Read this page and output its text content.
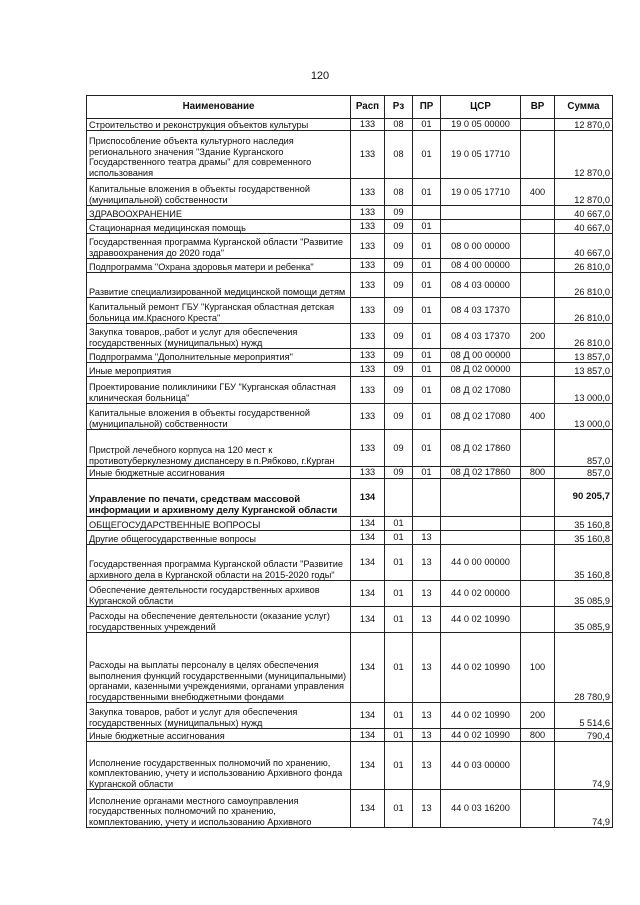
120
Наименование	Расп	Рз	ПР	ЦСР	ВР	Сумма
Строительство и реконструкция объектов культуры	133	08	01	19 0 05 00000		12 870,0
Приспособление объекта культурного наследия регионального значения "Здание Курганского Государственного театра драмы" для современного использования	133	08	01	19 0 05 17710		12 870,0
Капитальные вложения в объекты государственной (муниципальной) собственности	133	08	01	19 0 05 17710	400	12 870,0
ЗДРАВООХРАНЕНИЕ	133	09				40 667,0
Стационарная медицинская помощь	133	09	01			40 667,0
Государственная программа Курганской области "Развитие здравоохранения до 2020 года"	133	09	01	08 0 00 00000		40 667,0
Подпрограмма "Охрана здоровья матери и ребенка"	133	09	01	08 4 00 00000		26 810,0
Развитие специализированной медицинской помощи детям	133	09	01	08 4 03 00000		26 810,0
Капитальный ремонт ГБУ "Курганская областная детская больница им.Красного Креста"	133	09	01	08 4 03 17370		26 810,0
Закупка товаров,.работ и услуг для обеспечения государственных (муниципальных) нужд	133	09	01	08 4 03 17370	200	26 810,0
Подпрограмма "Дополнительные мероприятия"	133	09	01	08 Д 00 00000		13 857,0
Иные мероприятия	133	09	01	08 Д 02 00000		13 857,0
Проектирование поликлиники ГБУ "Курганская областная клиническая больница"	133	09	01	08 Д 02 17080		13 000,0
Капитальные вложения в объекты государственной (муниципальной) собственности	133	09	01	08 Д 02 17080	400	13 000,0
Пристрой лечебного корпуса на 120 мест к противотуберкулезному диспансеру в п.Рябково, г.Курган	133	09	01	08 Д 02 17860		857,0
Иные бюджетные ассигнования	133	09	01	08 Д 02 17860	800	857,0
Управление по печати, средствам массовой информации и архивному делу Курганской области	134					90 205,7
ОБЩЕГОСУДАРСТВЕННЫЕ ВОПРОСЫ	134	01				35 160,8
Другие общегосударственные вопросы	134	01	13			35 160,8
Государственная программа Курганской области "Развитие архивного дела в Курганской области на 2015-2020 годы"	134	01	13	44 0 00 00000		35 160,8
Обеспечение деятельности государственных архивов Курганской области	134	01	13	44 0 02 00000		35 085,9
Расходы на обеспечение деятельности (оказание услуг) государственных учреждений	134	01	13	44 0 02 10990		35 085,9
Расходы на выплаты персоналу в целях обеспечения выполнения функций государственными (муниципальными) органами, казенными учреждениями, органами управления государственными внебюджетными фондами	134	01	13	44 0 02 10990	100	28 780,9
Закупка товаров, работ и услуг для обеспечения государственных (муниципальных) нужд	134	01	13	44 0 02 10990	200	5 514,6
Иные бюджетные ассигнования	134	01	13	44 0 02 10990	800	790,4
Исполнение государственных полномочий по хранению, комплектованию, учету и использованию Архивного фонда Курганской области	134	01	13	44 0 03 00000		74,9
Исполнение органами местного самоуправления государственных полномочий по хранению, комплектованию, учету и использованию Архивного	134	01	13	44 0 03 16200		74,9
